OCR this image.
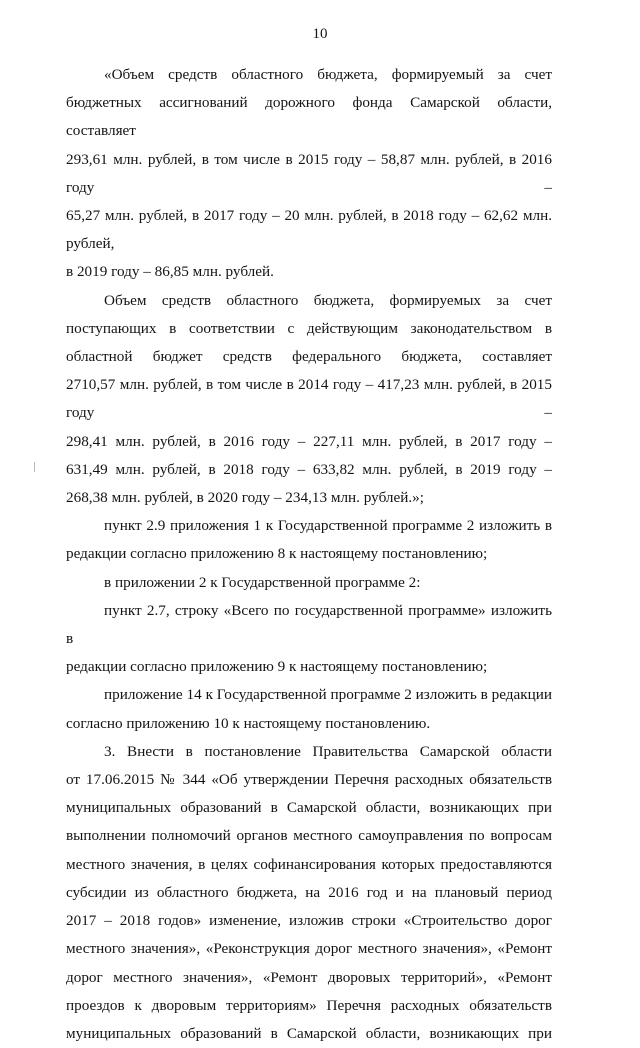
10
«Объем средств областного бюджета, формируемый за счет
бюджетных ассигнований дорожного фонда Самарской области, составляет
293,61 млн. рублей, в том числе в 2015 году – 58,87 млн. рублей, в 2016 году –
65,27 млн. рублей, в 2017 году – 20 млн. рублей, в 2018 году – 62,62 млн. рублей,
в 2019 году – 86,85 млн. рублей.
Объем средств областного бюджета, формируемых за счет
поступающих в соответствии с действующим законодательством в
областной бюджет средств федерального бюджета, составляет
2710,57 млн. рублей, в том числе в 2014 году – 417,23 млн. рублей, в 2015 году –
298,41 млн. рублей, в 2016 году – 227,11 млн. рублей, в 2017 году –
631,49 млн. рублей, в 2018 году – 633,82 млн. рублей, в 2019 году –
268,38 млн. рублей, в 2020 году – 234,13 млн. рублей.»;
пункт 2.9 приложения 1 к Государственной программе 2 изложить в
редакции согласно приложению 8 к настоящему постановлению;
в приложении 2 к Государственной программе 2:
пункт 2.7, строку «Всего по государственной программе» изложить в
редакции согласно приложению 9 к настоящему постановлению;
приложение 14 к Государственной программе 2 изложить в редакции
согласно приложению 10 к настоящему постановлению.
3. Внести в постановление Правительства Самарской области
от 17.06.2015 № 344 «Об утверждении Перечня расходных обязательств
муниципальных образований в Самарской области, возникающих при
выполнении полномочий органов местного самоуправления по вопросам
местного значения, в целях софинансирования которых предоставляются
субсидии из областного бюджета, на 2016 год и на плановый период
2017 – 2018 годов» изменение, изложив строки «Строительство дорог
местного значения», «Реконструкция дорог местного значения», «Ремонт
дорог местного значения», «Ремонт дворовых территорий», «Ремонт
проездов к дворовым территориям» Перечня расходных обязательств
муниципальных образований в Самарской области, возникающих при
